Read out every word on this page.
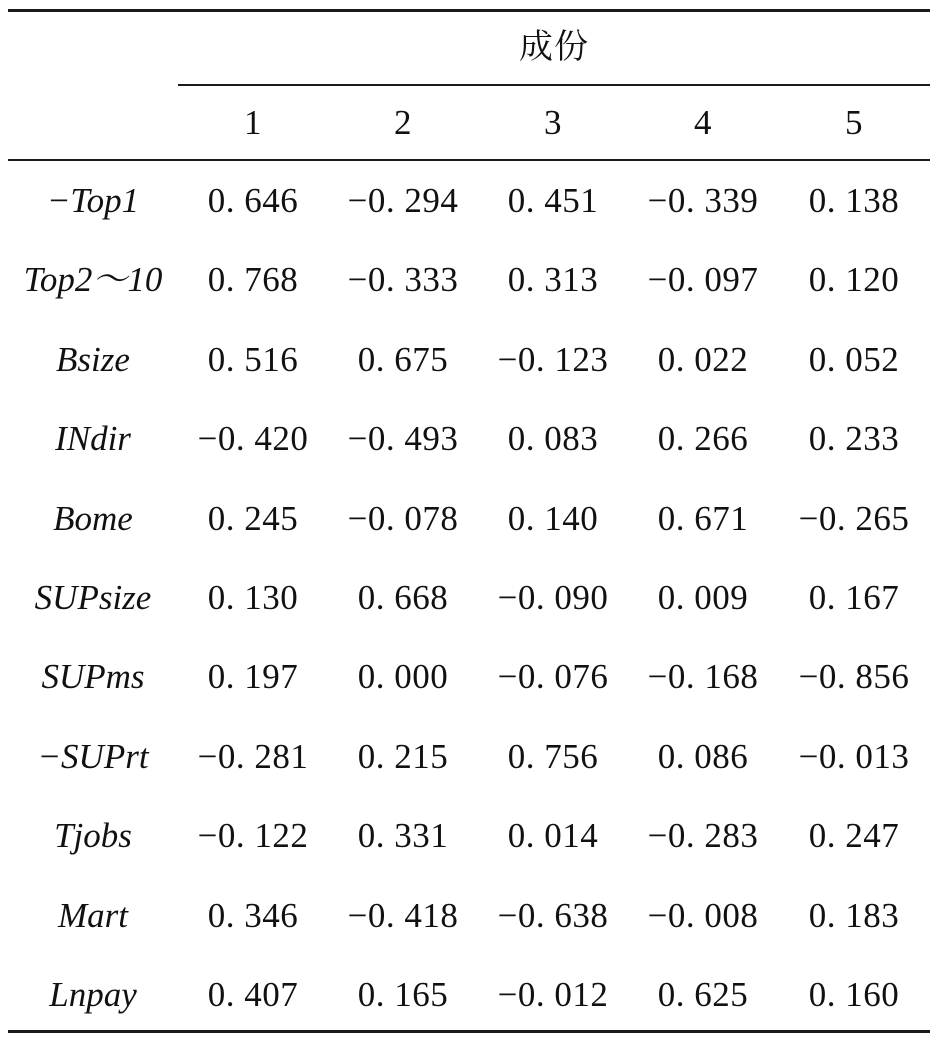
成份
1	2	3	4	5
−Top1	0. 646	−0. 294	0. 451	−0. 339	0. 138
Top2～10	0. 768	−0. 333	0. 313	−0. 097	0. 120
Bsize	0. 516	0. 675	−0. 123	0. 022	0. 052
INdir	−0. 420	−0. 493	0. 083	0. 266	0. 233
Bome	0. 245	−0. 078	0. 140	0. 671	−0. 265
SUPsize	0. 130	0. 668	−0. 090	0. 009	0. 167
SUPms	0. 197	0. 000	−0. 076	−0. 168	−0. 856
−SUPrt	−0. 281	0. 215	0. 756	0. 086	−0. 013
Tjobs	−0. 122	0. 331	0. 014	−0. 283	0. 247
Mart	0. 346	−0. 418	−0. 638	−0. 008	0. 183
Lnpay	0. 407	0. 165	−0. 012	0. 625	0. 160
